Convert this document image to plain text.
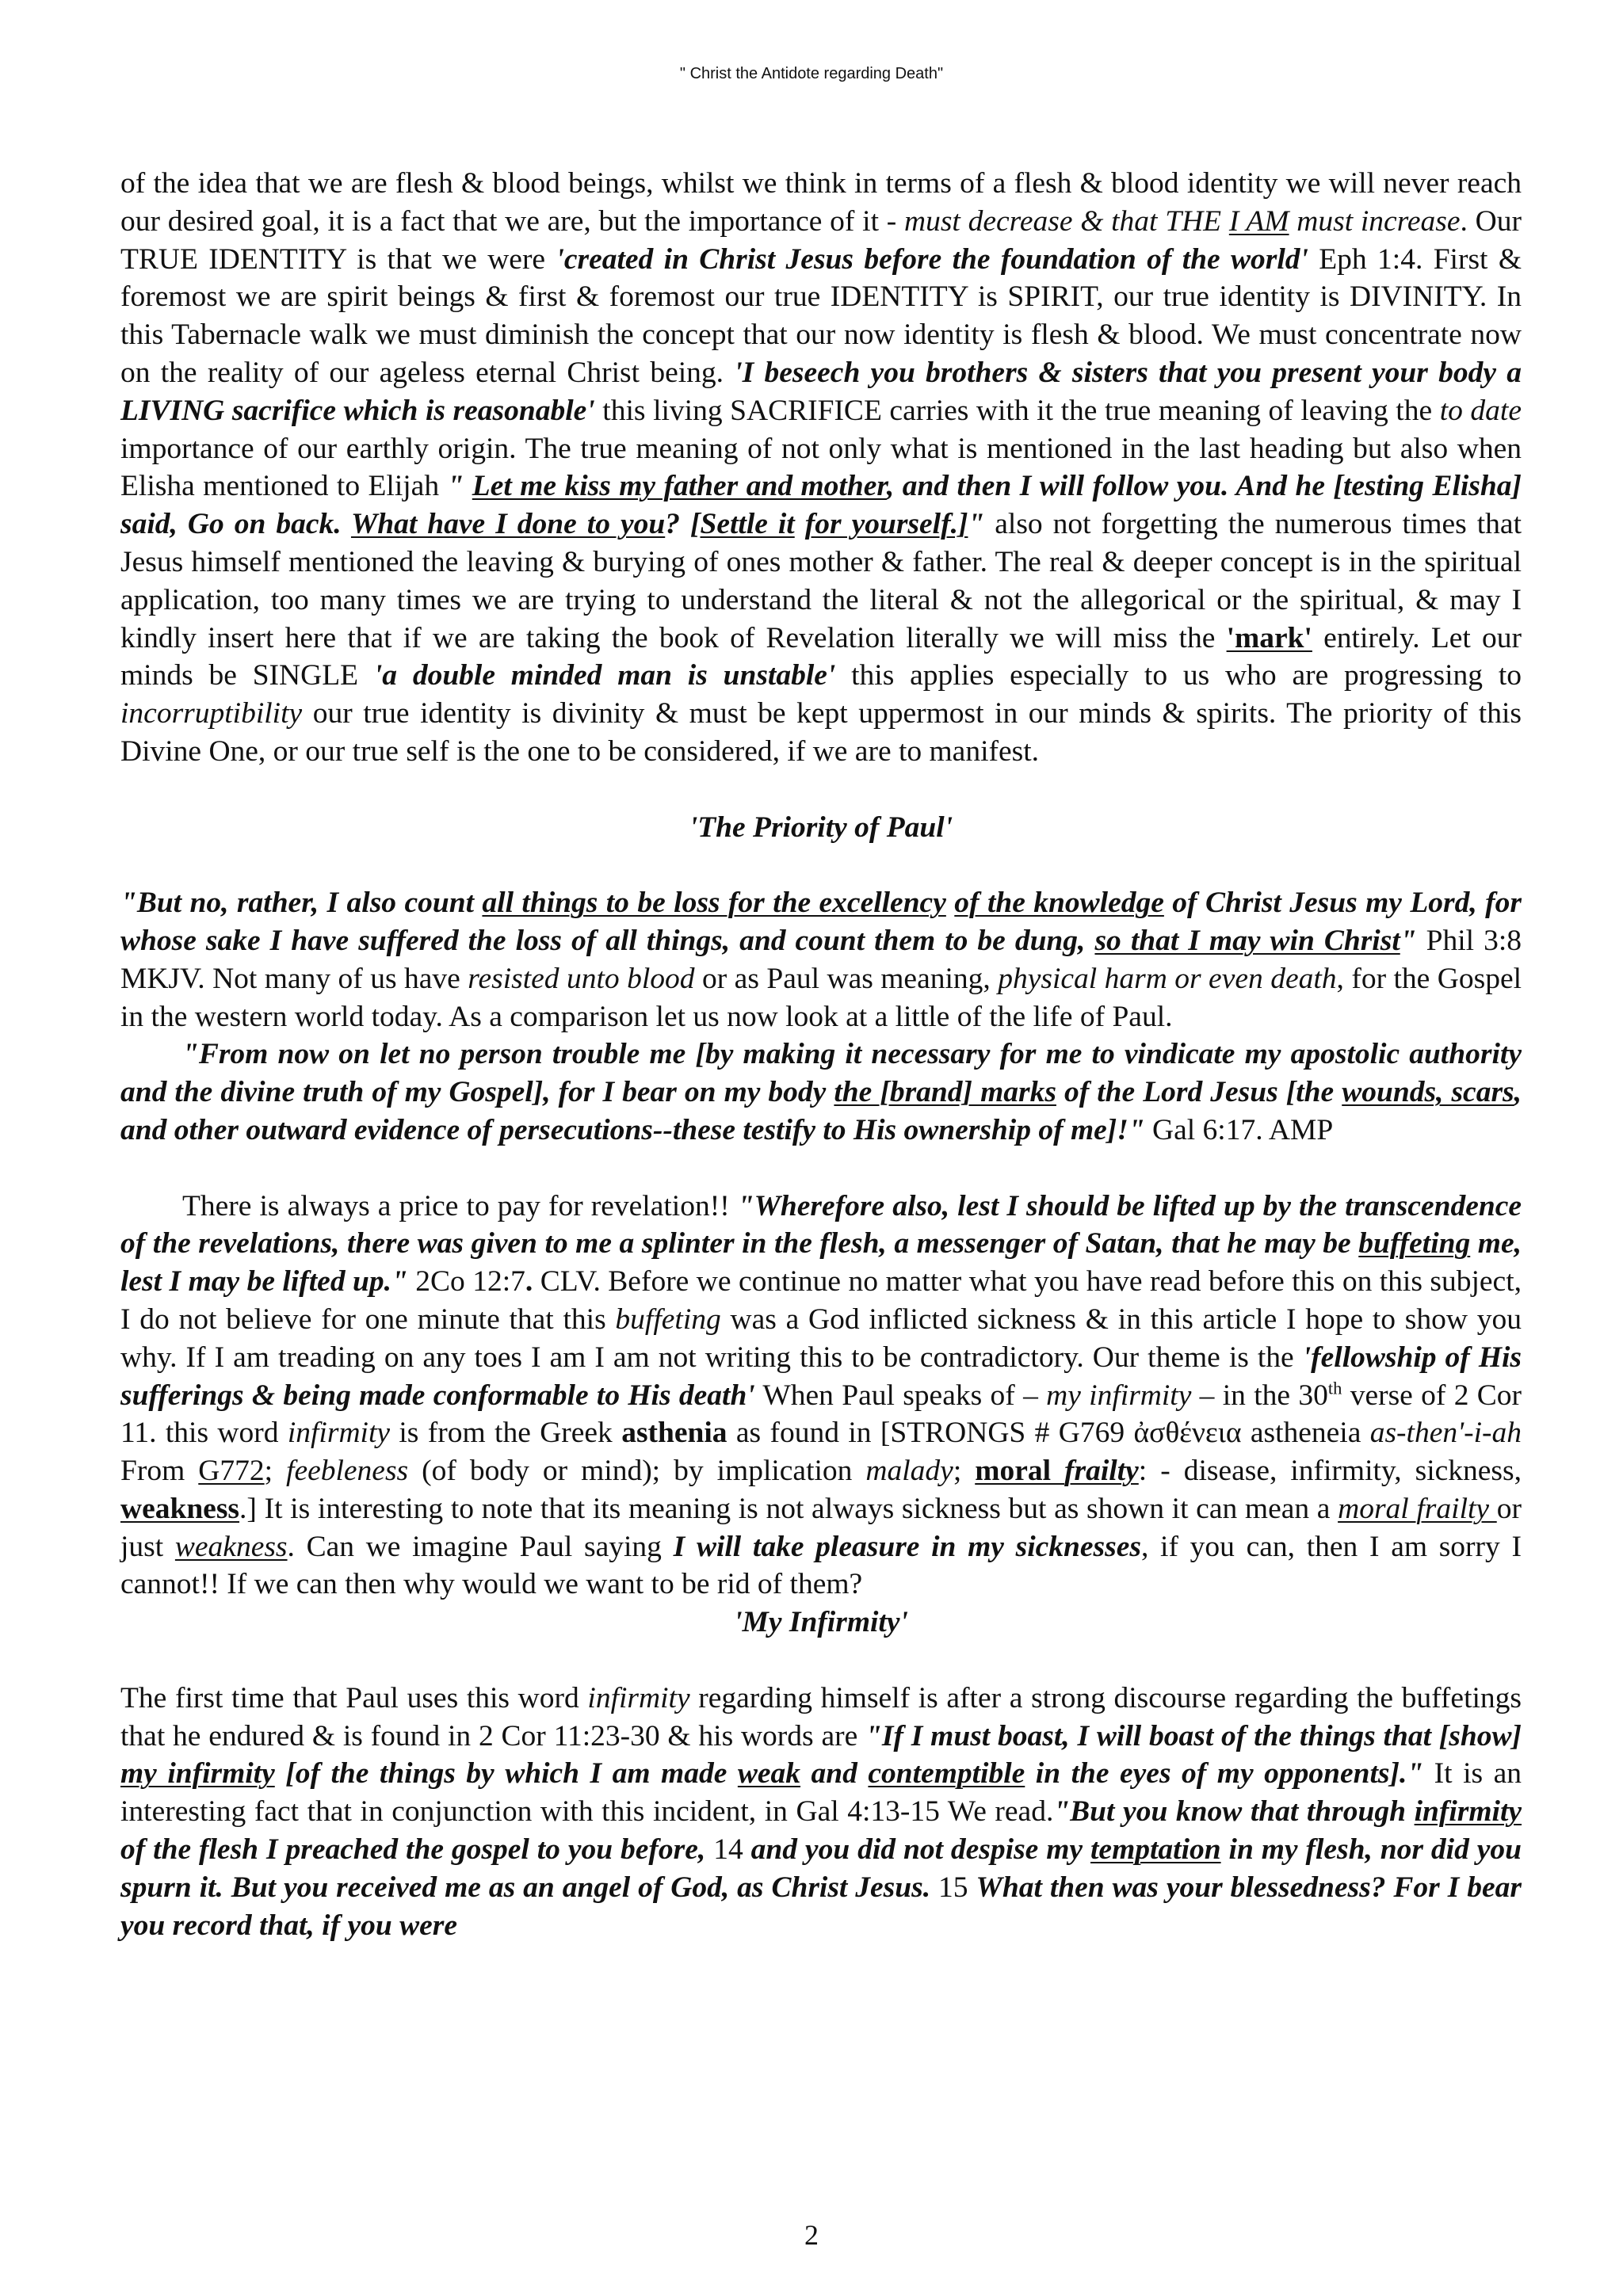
" Christ the Antidote regarding Death"

of the idea that we are flesh & blood beings, whilst we think in terms of a flesh & blood identity we will never reach our desired goal, it is a fact that we are, but the importance of it - must decrease & that THE I AM must increase. Our TRUE IDENTITY is that we were 'created in Christ Jesus before the foundation of the world' Eph 1:4. First & foremost we are spirit beings & first & foremost our true IDENTITY is SPIRIT, our true identity is DIVINITY. In this Tabernacle walk we must diminish the concept that our now identity is flesh & blood. We must concentrate now on the reality of our ageless eternal Christ being. 'I beseech you brothers & sisters that you present your body a LIVING sacrifice which is reasonable' this living SACRIFICE carries with it the true meaning of leaving the to date importance of our earthly origin. The true meaning of not only what is mentioned in the last heading but also when Elisha mentioned to Elijah " Let me kiss my father and mother, and then I will follow you. And he [testing Elisha] said, Go on back. What have I done to you? [Settle it for yourself.]" also not forgetting the numerous times that Jesus himself mentioned the leaving & burying of ones mother & father. The real & deeper concept is in the spiritual application, too many times we are trying to understand the literal & not the allegorical or the spiritual, & may I kindly insert here that if we are taking the book of Revelation literally we will miss the 'mark' entirely. Let our minds be SINGLE 'a double minded man is unstable' this applies especially to us who are progressing to incorruptibility our true identity is divinity & must be kept uppermost in our minds & spirits. The priority of this Divine One, or our true self is the one to be considered, if we are to manifest.

'The Priority of Paul'

"But no, rather, I also count all things to be loss for the excellency of the knowledge of Christ Jesus my Lord, for whose sake I have suffered the loss of all things, and count them to be dung, so that I may win Christ" Phil 3:8 MKJV. Not many of us have resisted unto blood or as Paul was meaning, physical harm or even death, for the Gospel in the western world today. As a comparison let us now look at a little of the life of Paul.

"From now on let no person trouble me [by making it necessary for me to vindicate my apostolic authority and the divine truth of my Gospel], for I bear on my body the [brand] marks of the Lord Jesus [the wounds, scars, and other outward evidence of persecutions--these testify to His ownership of me]!" Gal 6:17. AMP

There is always a price to pay for revelation!! "Wherefore also, lest I should be lifted up by the transcendence of the revelations, there was given to me a splinter in the flesh, a messenger of Satan, that he may be buffeting me, lest I may be lifted up." 2Co 12:7. CLV. Before we continue no matter what you have read before this on this subject, I do not believe for one minute that this buffeting was a God inflicted sickness & in this article I hope to show you why. If I am treading on any toes I am I am not writing this to be contradictory. Our theme is the 'fellowship of His sufferings & being made conformable to His death' When Paul speaks of – my infirmity – in the 30th verse of 2 Cor 11. this word infirmity is from the Greek asthenia as found in [STRONGS # G769 ἀσθένεια astheneia as-then'-i-ah From G772; feebleness (of body or mind); by implication malady; moral frailty: - disease, infirmity, sickness, weakness.] It is interesting to note that its meaning is not always sickness but as shown it can mean a moral frailty or just weakness. Can we imagine Paul saying I will take pleasure in my sicknesses, if you can, then I am sorry I cannot!! If we can then why would we want to be rid of them?

'My Infirmity'

The first time that Paul uses this word infirmity regarding himself is after a strong discourse regarding the buffetings that he endured & is found in 2 Cor 11:23-30 & his words are "If I must boast, I will boast of the things that [show] my infirmity [of the things by which I am made weak and contemptible in the eyes of my opponents]." It is an interesting fact that in conjunction with this incident, in Gal 4:13-15 We read."But you know that through infirmity of the flesh I preached the gospel to you before, 14 and you did not despise my temptation in my flesh, nor did you spurn it. But you received me as an angel of God, as Christ Jesus. 15 What then was your blessedness? For I bear you record that, if you were

2
